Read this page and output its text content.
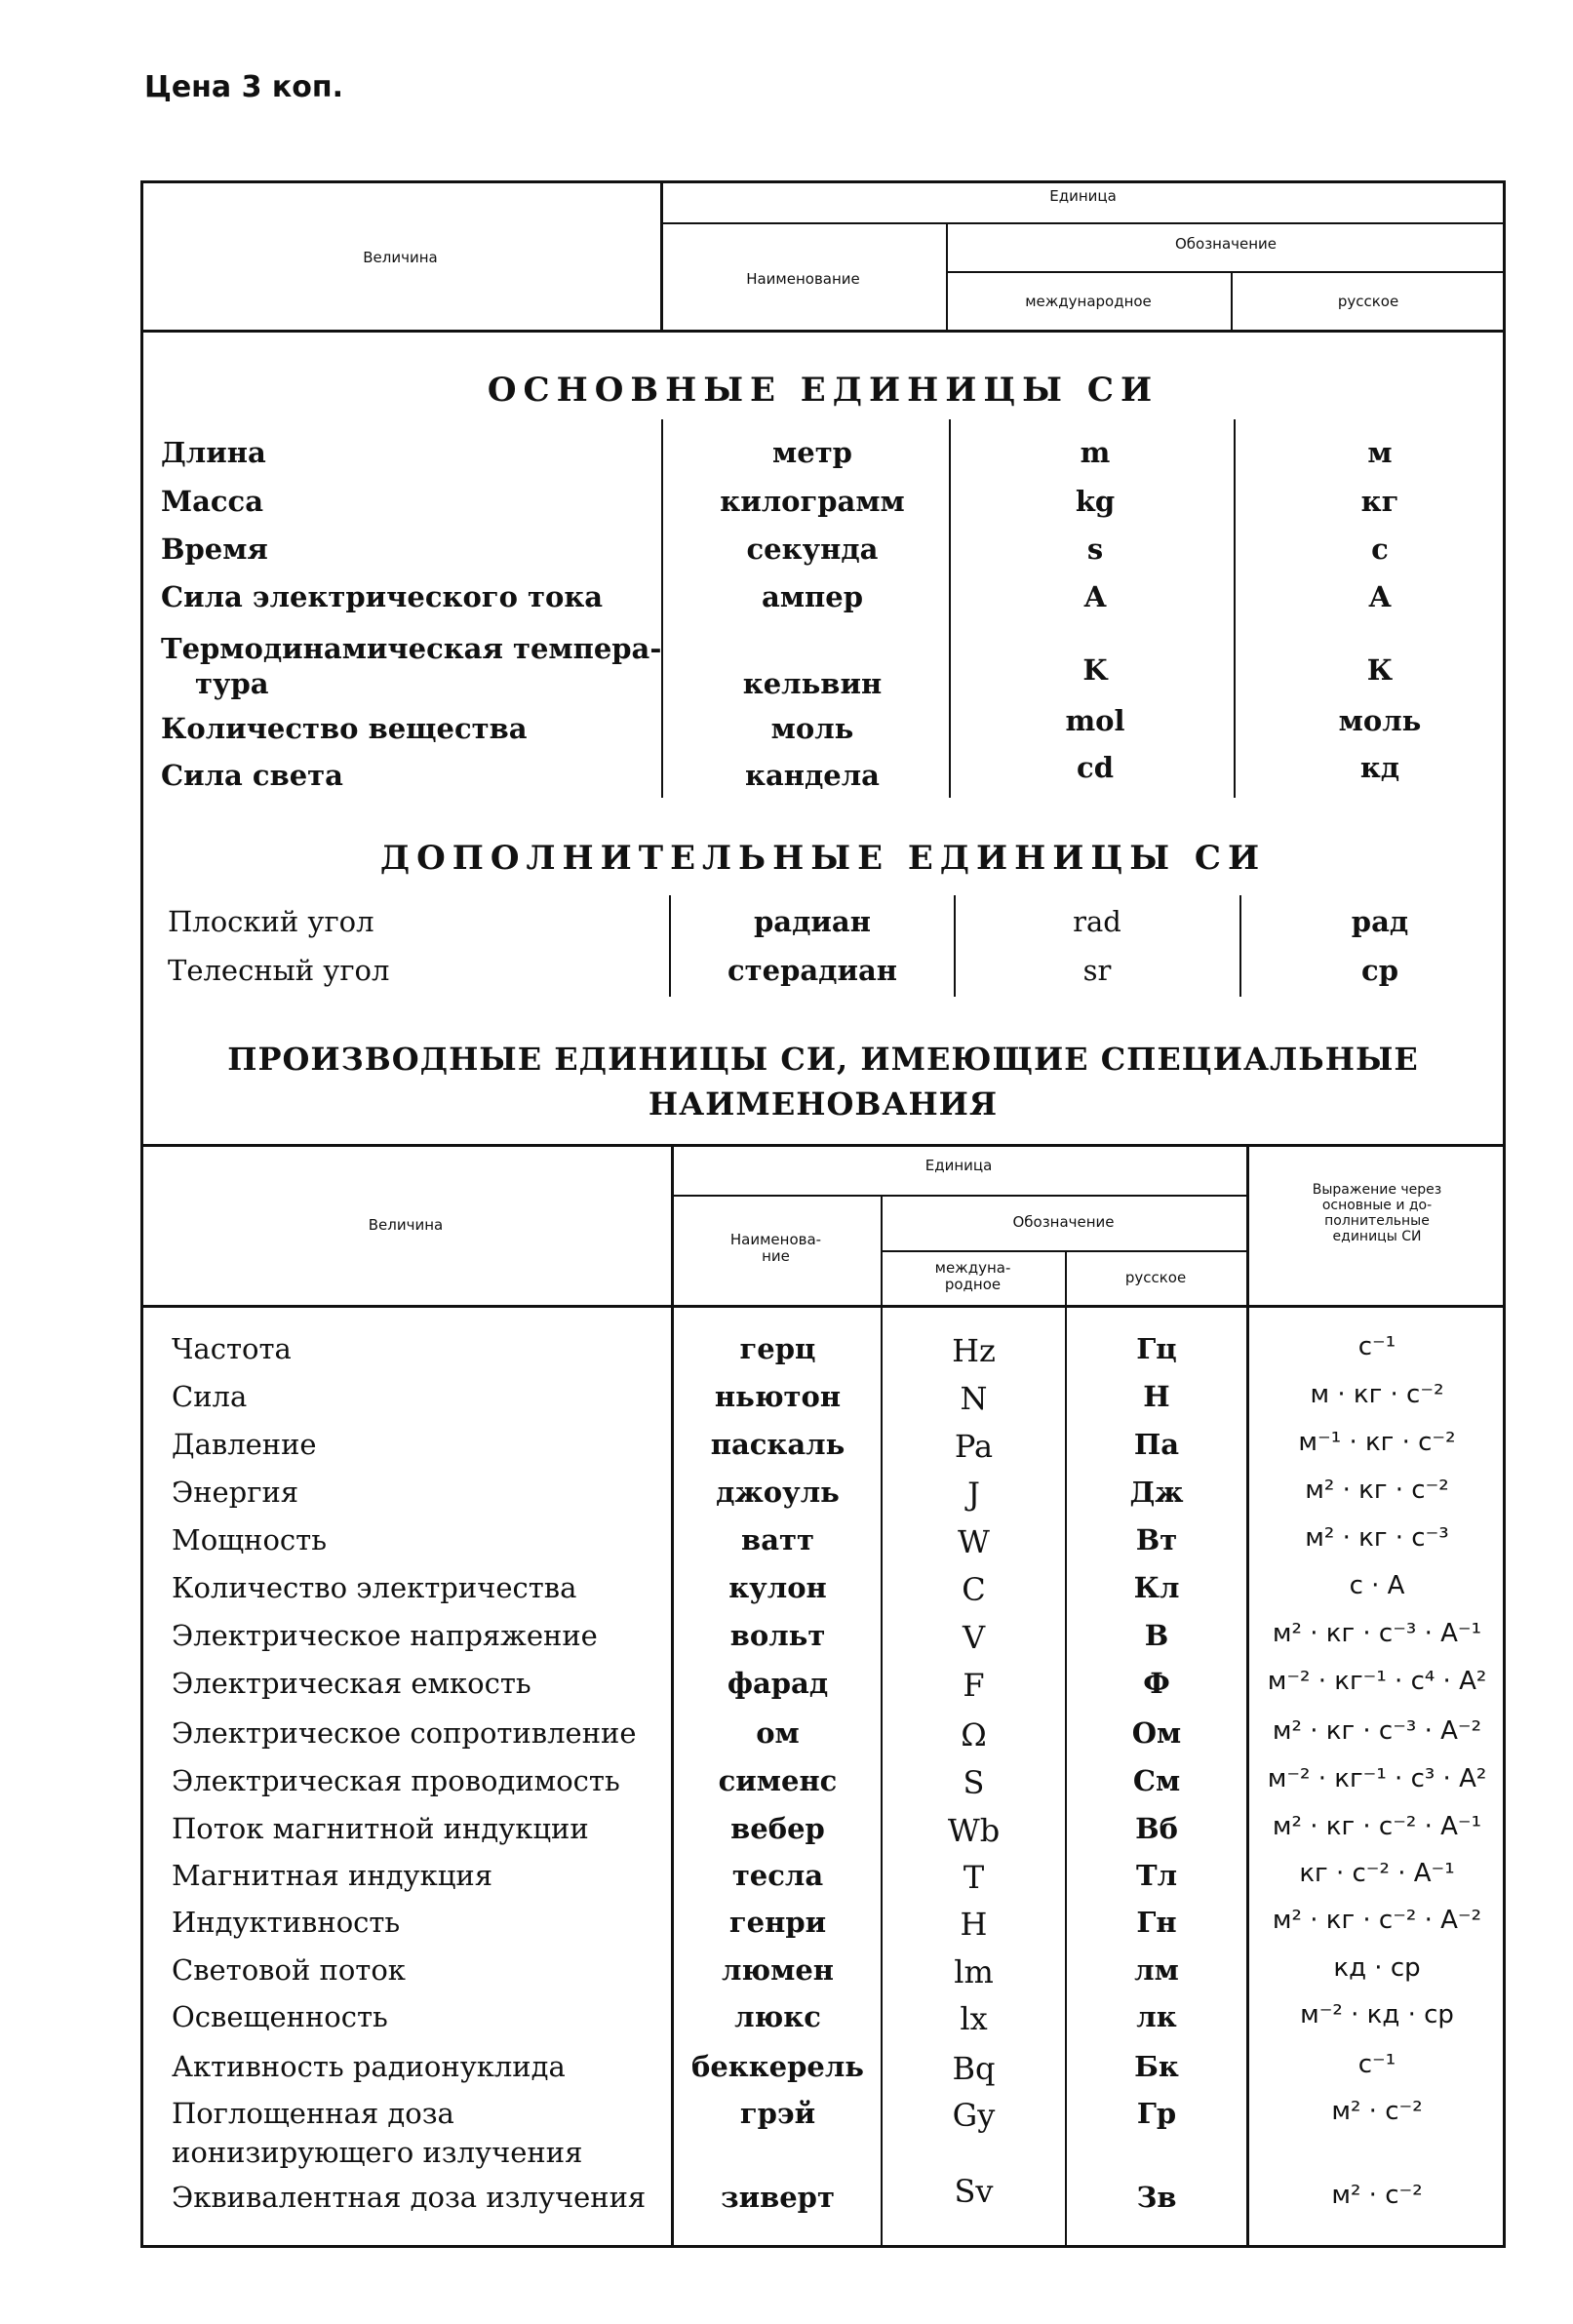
Цена 3 коп.
Величина
Единица
Наименование
Обозначение
международное	русское
ОСНОВНЫЕ ЕДИНИЦЫ СИ
Длина	метр	m	м
Масса	килограмм	kg	кг
Время	секунда	s	с
Сила электрического тока	ампер	A	А
Термодинамическая темпера-
тура	кельвин	K	К
Количество вещества	моль	mol	моль
Сила света	кандела	cd	кд
ДОПОЛНИТЕЛЬНЫЕ ЕДИНИЦЫ СИ
Плоский угол	радиан	rad	рад
Телесный угол	стерадиан	sr	ср
ПРОИЗВОДНЫЕ ЕДИНИЦЫ СИ, ИМЕЮЩИЕ СПЕЦИАЛЬНЫЕ
НАИМЕНОВАНИЯ
Величина
Единица
Наименова-
ние
Обозначение
междуна-
родное	русское
Выражение через
основные и до-
полнительные
единицы СИ
Частота	герц	Hz	Гц	с⁻¹
Сила	ньютон	N	Н	м · кг · с⁻²
Давление	паскаль	Pa	Па	м⁻¹ · кг · с⁻²
Энергия	джоуль	J	Дж	м² · кг · с⁻²
Мощность	ватт	W	Вт	м² · кг · с⁻³
Количество электричества	кулон	C	Кл	с · А
Электрическое напряжение	вольт	V	В	м² · кг · с⁻³ · А⁻¹
Электрическая емкость	фарад	F	Ф	м⁻² · кг⁻¹ · с⁴ · А²
Электрическое сопротивление	ом	Ω	Ом	м² · кг · с⁻³ · А⁻²
Электрическая проводимость	сименс	S	См	м⁻² · кг⁻¹ · с³ · А²
Поток магнитной индукции	вебер	Wb	Вб	м² · кг · с⁻² · А⁻¹
Магнитная индукция	тесла	T	Тл	кг · с⁻² · А⁻¹
Индуктивность	генри	H	Гн	м² · кг · с⁻² · А⁻²
Световой поток	люмен	lm	лм	кд · ср
Освещенность	люкс	lx	лк	м⁻² · кд · ср
Активность радионуклида	беккерель	Bq	Бк	с⁻¹
Поглощенная доза
ионизирующего излучения
грэй	Gy	Гр	м² · с⁻²
Эквивалентная доза излучения	зиверт	Sv	Зв	м² · с⁻²
